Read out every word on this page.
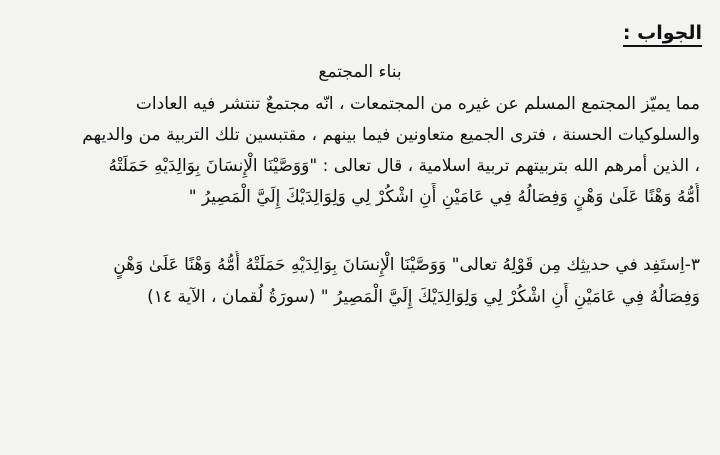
الجواب :
بناء المجتمع
مما يميّز المجتمع المسلم عن غيره من المجتمعات ، انّه مجتمعٌ تنتشر فيه العادات
والسلوكيات الحسنة ، فترى الجميع متعاونين فيما بينهم ، مقتبسين تلك التربية من والديهم
، الذين أمرهم الله بتربيتهم تربية اسلامية ، قال تعالى : "وَوَصَّيْنَا الْإِنسَانَ بِوَالِدَيْهِ حَمَلَتْهُ
أُمُّهُ وَهْنًا عَلَىٰ وَهْنٍ وَفِصَالُهُ فِي عَامَيْنِ أَنِ اشْكُرْ لِي وَلِوَالِدَيْكَ إِلَيَّ الْمَصِيرُ "
٣-اِستَفِد في حديثِك مِن قَوْلِهُ تعالى" وَوَصَّيْنَا الْإِنسَانَ بِوَالِدَيْهِ حَمَلَتْهُ أُمُّهُ وَهْنًا عَلَىٰ وَهْنٍ
وَفِصَالُهُ فِي عَامَيْنِ أَنِ اشْكُرْ لِي وَلِوَالِدَيْكَ إِلَيَّ الْمَصِيرُ " (سورَةُ لُقمان ، الآية ١٤)
